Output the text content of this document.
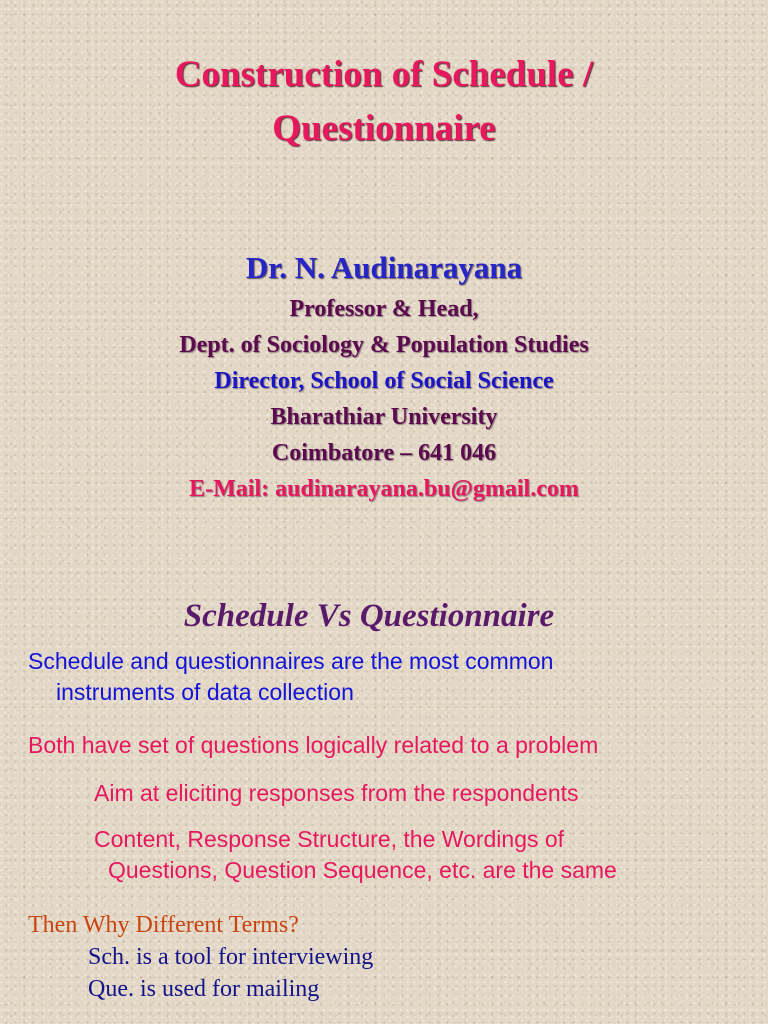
Construction of Schedule /
Questionnaire

Dr. N. Audinarayana

Professor & Head,

Dept. of Sociology & Population Studies

Director, School of Social Science

Bharathiar University

Coimbatore – 641 046

E-Mail: audinarayana.bu@gmail.com

Schedule Vs Questionnaire

Schedule and questionnaires are the most common
instruments of data collection

Both have set of questions logically related to a problem

Aim at eliciting responses from the respondents

Content, Response Structure, the Wordings of
Questions, Question Sequence, etc. are the same

Then Why Different Terms?

Sch. is a tool for interviewing

Que. is used for mailing
